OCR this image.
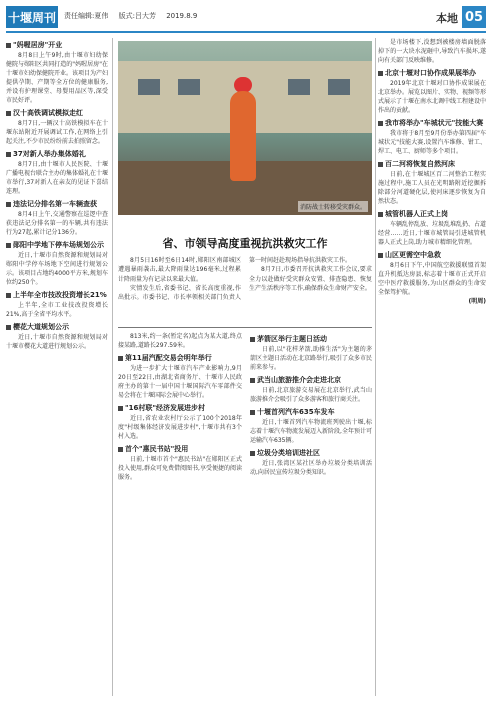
十堰周刊 责任编辑:夏伟 版式:吕大芳 2019.8.9	本地 05
"妈喔居房"开业
8月8日上午9时,由十堰市妇幼保健院与郧阳区共同打造的"妈喔居房"在十堰市妇幼保健院开业。该项目为产妇提供孕期、产期等全方位的健康服务,并设有护理课堂、母婴用品区等,深受市民好评。
汉十高铁调试模拟走红
8月7日,一辆汉十高铁模拟车在十堰东站附近开展调试工作,在网络上引起关注,不少市民纷纷前去拍照留念。
37对新人举办集体婚礼
8月7日,由十堰市人民医院、十堰广播电视台联合主办的集体婚礼在十堰市举行,37对新人在亲友的见证下喜结连理。
违法记分排名第一车辆查获
8月4日上午,交通警察在巡逻中查获违法记分排名第一的车辆,共有违法行为27起,累计记分136分。
郧阳中学地下停车场规划公示
近日,十堰市自然资源和规划局对郧阳中学停车场地下空间进行规划公示。该项目占地约4000平方米,规划车位约250个。
上半年全市技改投资增长21%
上半年,全市工业技改投资增长21%,高于全省平均水平。
樱花大道规划公示
近日,十堰市自然资源和规划局对十堰市樱花大道进行规划公示。
消防战士转移受灾群众。
省、市领导高度重视抗洪救灾工作

8月5日16时至6日14时,郧阳区南部城区遭遇暴雨袭击,最大降雨量达196毫米,过程累计降雨量为有记录以来最大值。

灾情发生后,省委书记、省长高度重视,作出批示。市委书记、市长率领相关部门负责人第一时间赶赴现场指导抗洪救灾工作。

8月7日,市委召开抗洪救灾工作会议,要求全力以赴做好受灾群众安置、排查隐患、恢复生产生活秩序等工作,确保群众生命财产安全。

813米,约一条(暂定名)起点为某大道,终点接某路,道路长297.59米。
第11届汽配交易会明年举行
为进一步扩大十堰市汽车产业影响力,9月20日至22日,由湖北省商务厅、十堰市人民政府主办的第十一届中国十堰国际汽车零部件交易会将在十堰国际会展中心举行。
"16村联"经济发展进步村
近日,省农业农村厅公示了100个2018年度"村级集体经济发展进步村",十堰市共有3个村入选。
首个"惠民书站"投用
日前,十堰市首个"惠民书站"在郧阳区正式投入使用,群众可免费借阅图书,享受便捷的阅读服务。
茅箭区举行主题日活动
日前,以"花样茅箭,助推生活"为主题的茅箭区主题日活动在北京路举行,吸引了众多市民前来参与。
武当山旅游推介会走进北京
日前,北京旅游交易展在北京举行,武当山旅游推介会吸引了众多游客和旅行商关注。
十堰首列汽车635车发车
近日,十堰首列汽车物流班列驶出十堰,标志着十堰汽车物流发展迈入新阶段,全年预计可运输汽车635辆。
垃圾分类培训进社区
近日,张湾区某社区举办垃圾分类培训活动,向居民宣传垃圾分类知识。
是市场楼下,没想到被楼房墙面脱落掉下的一大块水泥砸中,导致汽车损坏,遂向有关部门反映维修。
北京十堰对口协作成果展举办
2019年北京十堰对口协作成果展在北京举办。展览以图片、实物、视频等形式展示了十堰在南水北调中线工程建设中作出的贡献。
我市将举办"车城状元"技能大赛
我市将于8月至9月份举办第四届"车城状元"技能大赛,设置汽车维修、钳工、焊工、电工、厨师等多个项目。
百二河将恢复自然河床
日前,在十堰城区百二河整治工程实施过程中,施工人员在光明路附近挖掘拆除部分河道硬化层,使河床逐步恢复为自然状态。
城管机器人正式上岗
车辆乱停乱放、垃圾乱堆乱扔、占道经营……近日,十堰市城管局引进城管机器人正式上岗,助力城市精细化管理。
山区更需空中急救
8月6日下午,中国航空救援联盟首架直升机抵达房县,标志着十堰市正式开启空中医疗救援服务,为山区群众的生命安全保驾护航。
(明周)
